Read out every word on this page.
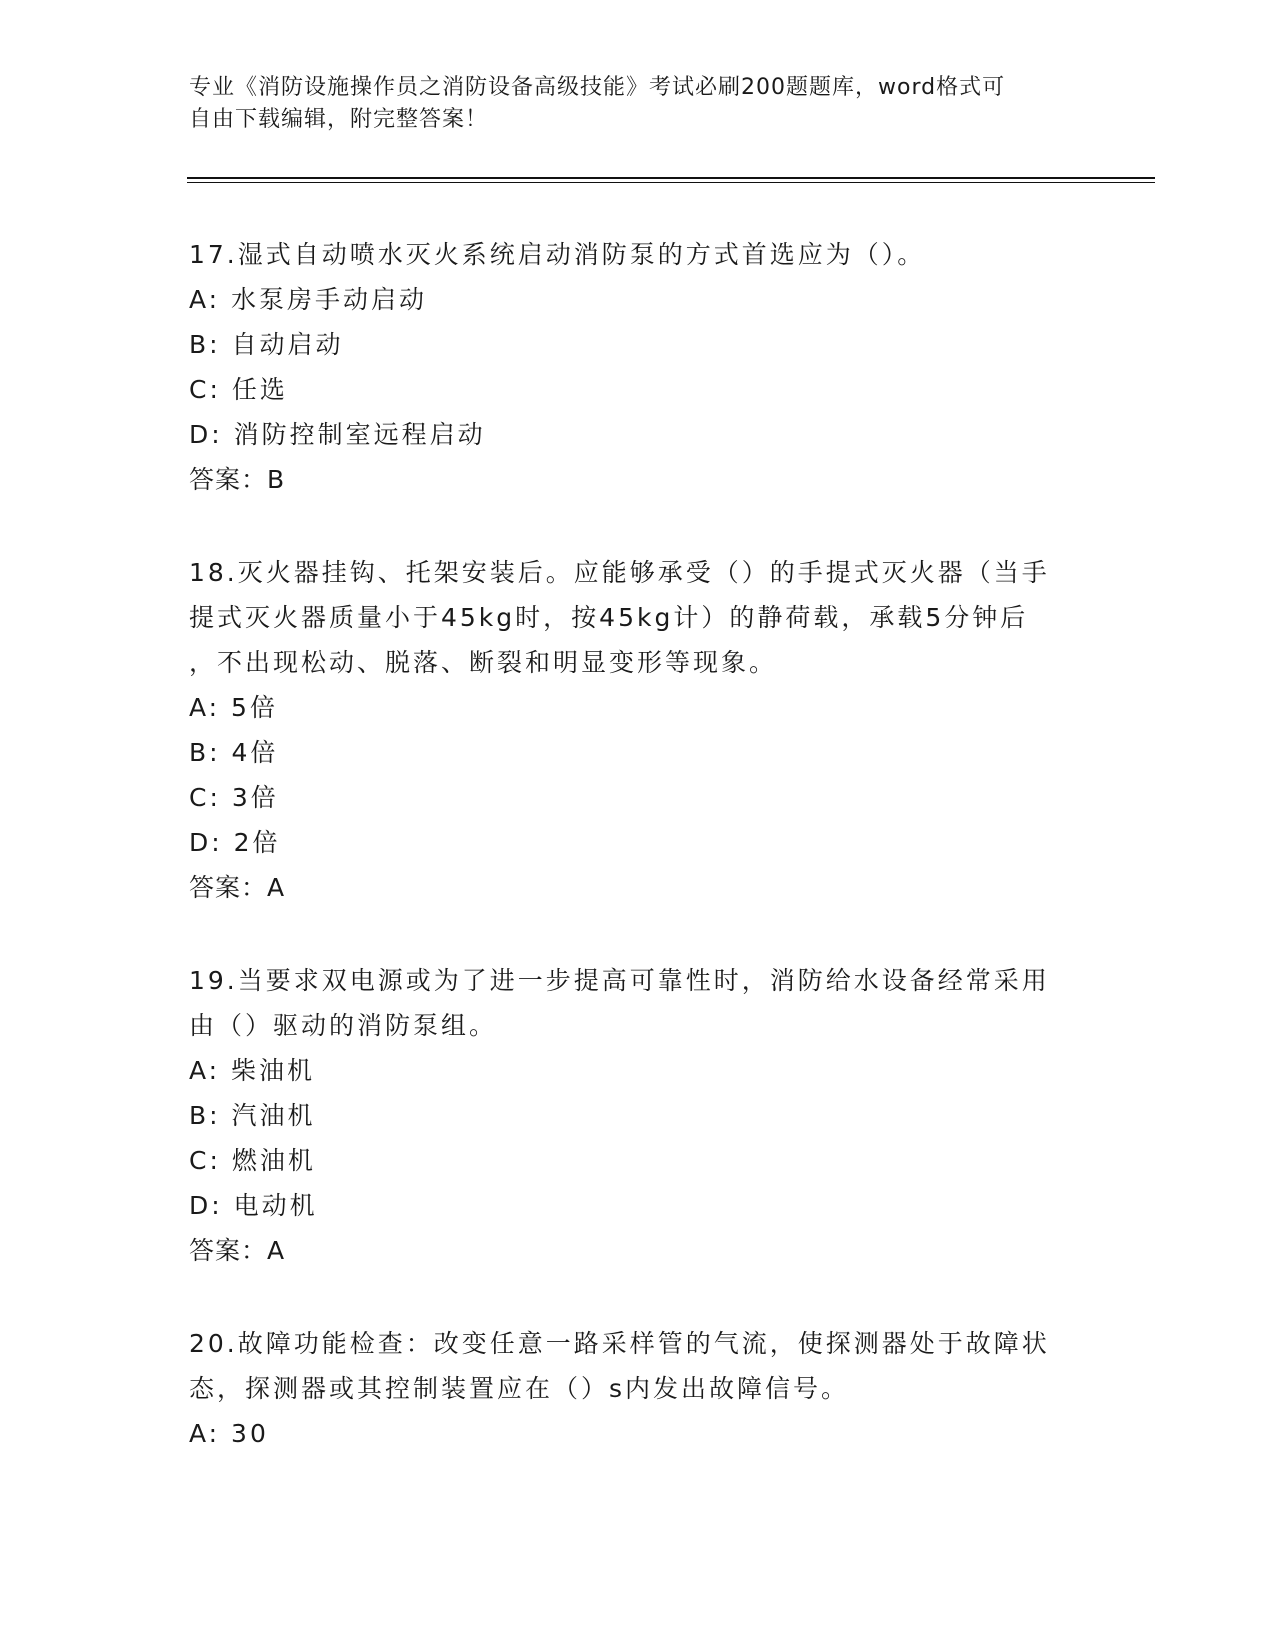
专业《消防设施操作员之消防设备高级技能》考试必刷200题题库，word格式可
自由下载编辑，附完整答案！
17.湿式自动喷水灭火系统启动消防泵的方式首选应为（）。
A: 水泵房手动启动
B: 自动启动
C: 任选
D: 消防控制室远程启动
答案：B
18.灭火器挂钩、托架安装后。应能够承受（）的手提式灭火器（当手
提式灭火器质量小于45kg时，按45kg计）的静荷载，承载5分钟后
，不出现松动、脱落、断裂和明显变形等现象。
A: 5倍
B: 4倍
C: 3倍
D: 2倍
答案：A
19.当要求双电源或为了进一步提高可靠性时，消防给水设备经常采用
由（）驱动的消防泵组。
A: 柴油机
B: 汽油机
C: 燃油机
D: 电动机
答案：A
20.故障功能检查：改变任意一路采样管的气流，使探测器处于故障状
态，探测器或其控制装置应在（）s内发出故障信号。
A: 30
